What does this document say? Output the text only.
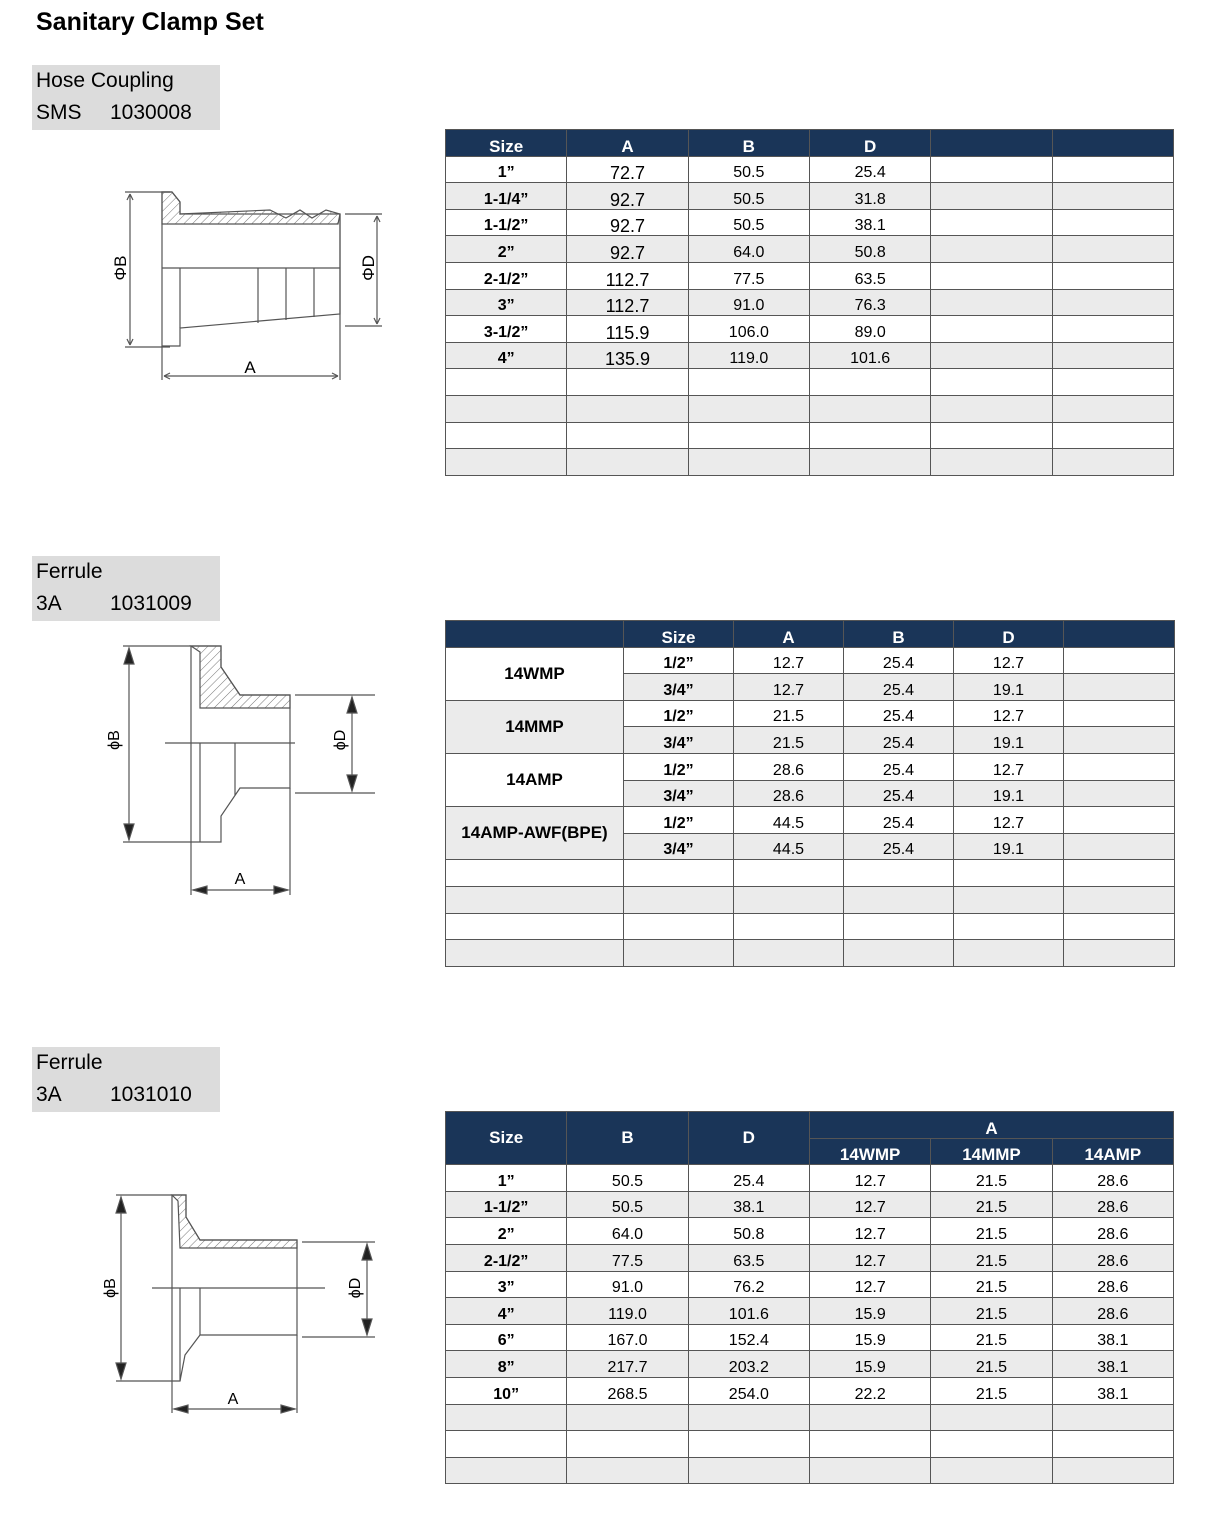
Sanitary Clamp Set
Hose Coupling
SMS 1030008
ΦB	ΦD
A
Size	A	B	D		
1”	72.7	50.5	25.4		
1-1/4”	92.7	50.5	31.8		
1-1/2”	92.7	50.5	38.1		
2”	92.7	64.0	50.8		
2-1/2”	112.7	77.5	63.5		
3”	112.7	91.0	76.3		
3-1/2”	115.9	106.0	89.0		
4”	135.9	119.0	101.6		

Ferrule
3A 1031009
ϕB	ϕD
A
	Size	A	B	D	
14WMP	1/2”	12.7	25.4	12.7	
	3/4”	12.7	25.4	19.1	
14MMP	1/2”	21.5	25.4	12.7	
	3/4”	21.5	25.4	19.1	
14AMP	1/2”	28.6	25.4	12.7	
	3/4”	28.6	25.4	19.1	
14AMP-AWF(BPE)	1/2”	44.5	25.4	12.7	
	3/4”	44.5	25.4	19.1	

Ferrule
3A 1031010
ϕB	ϕD
A
Size	B	D	A		
			14WMP	14MMP	14AMP
1”	50.5	25.4	12.7	21.5	28.6
1-1/2”	50.5	38.1	12.7	21.5	28.6
2”	64.0	50.8	12.7	21.5	28.6
2-1/2”	77.5	63.5	12.7	21.5	28.6
3”	91.0	76.2	12.7	21.5	28.6
4”	119.0	101.6	15.9	21.5	28.6
6”	167.0	152.4	15.9	21.5	38.1
8”	217.7	203.2	15.9	21.5	38.1
10”	268.5	254.0	22.2	21.5	38.1
